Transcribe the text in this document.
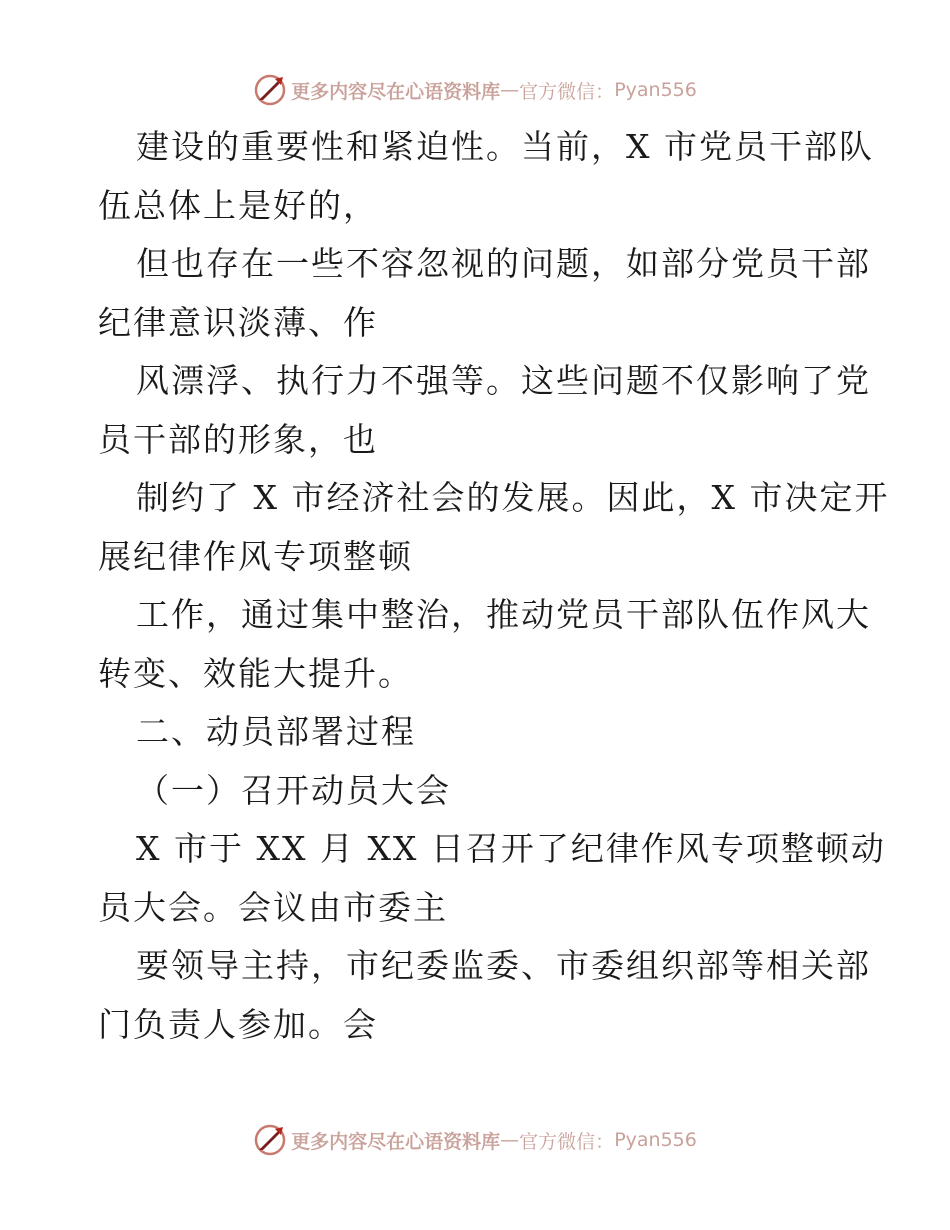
更多内容尽在心语资料库 — 官方微信： Pyan556
建设的重要性和紧迫性。当前，X 市党员干部队
伍总体上是好的，
但也存在一些不容忽视的问题，如部分党员干部
纪律意识淡薄、作
风漂浮、执行力不强等。这些问题不仅影响了党
员干部的形象，也
制约了 X 市经济社会的发展。因此，X 市决定开
展纪律作风专项整顿
工作，通过集中整治，推动党员干部队伍作风大
转变、效能大提升。
二、动员部署过程
（一）召开动员大会
X 市于 XX 月 XX 日召开了纪律作风专项整顿动
员大会。会议由市委主
要领导主持，市纪委监委、市委组织部等相关部
门负责人参加。会
更多内容尽在心语资料库 — 官方微信： Pyan556
